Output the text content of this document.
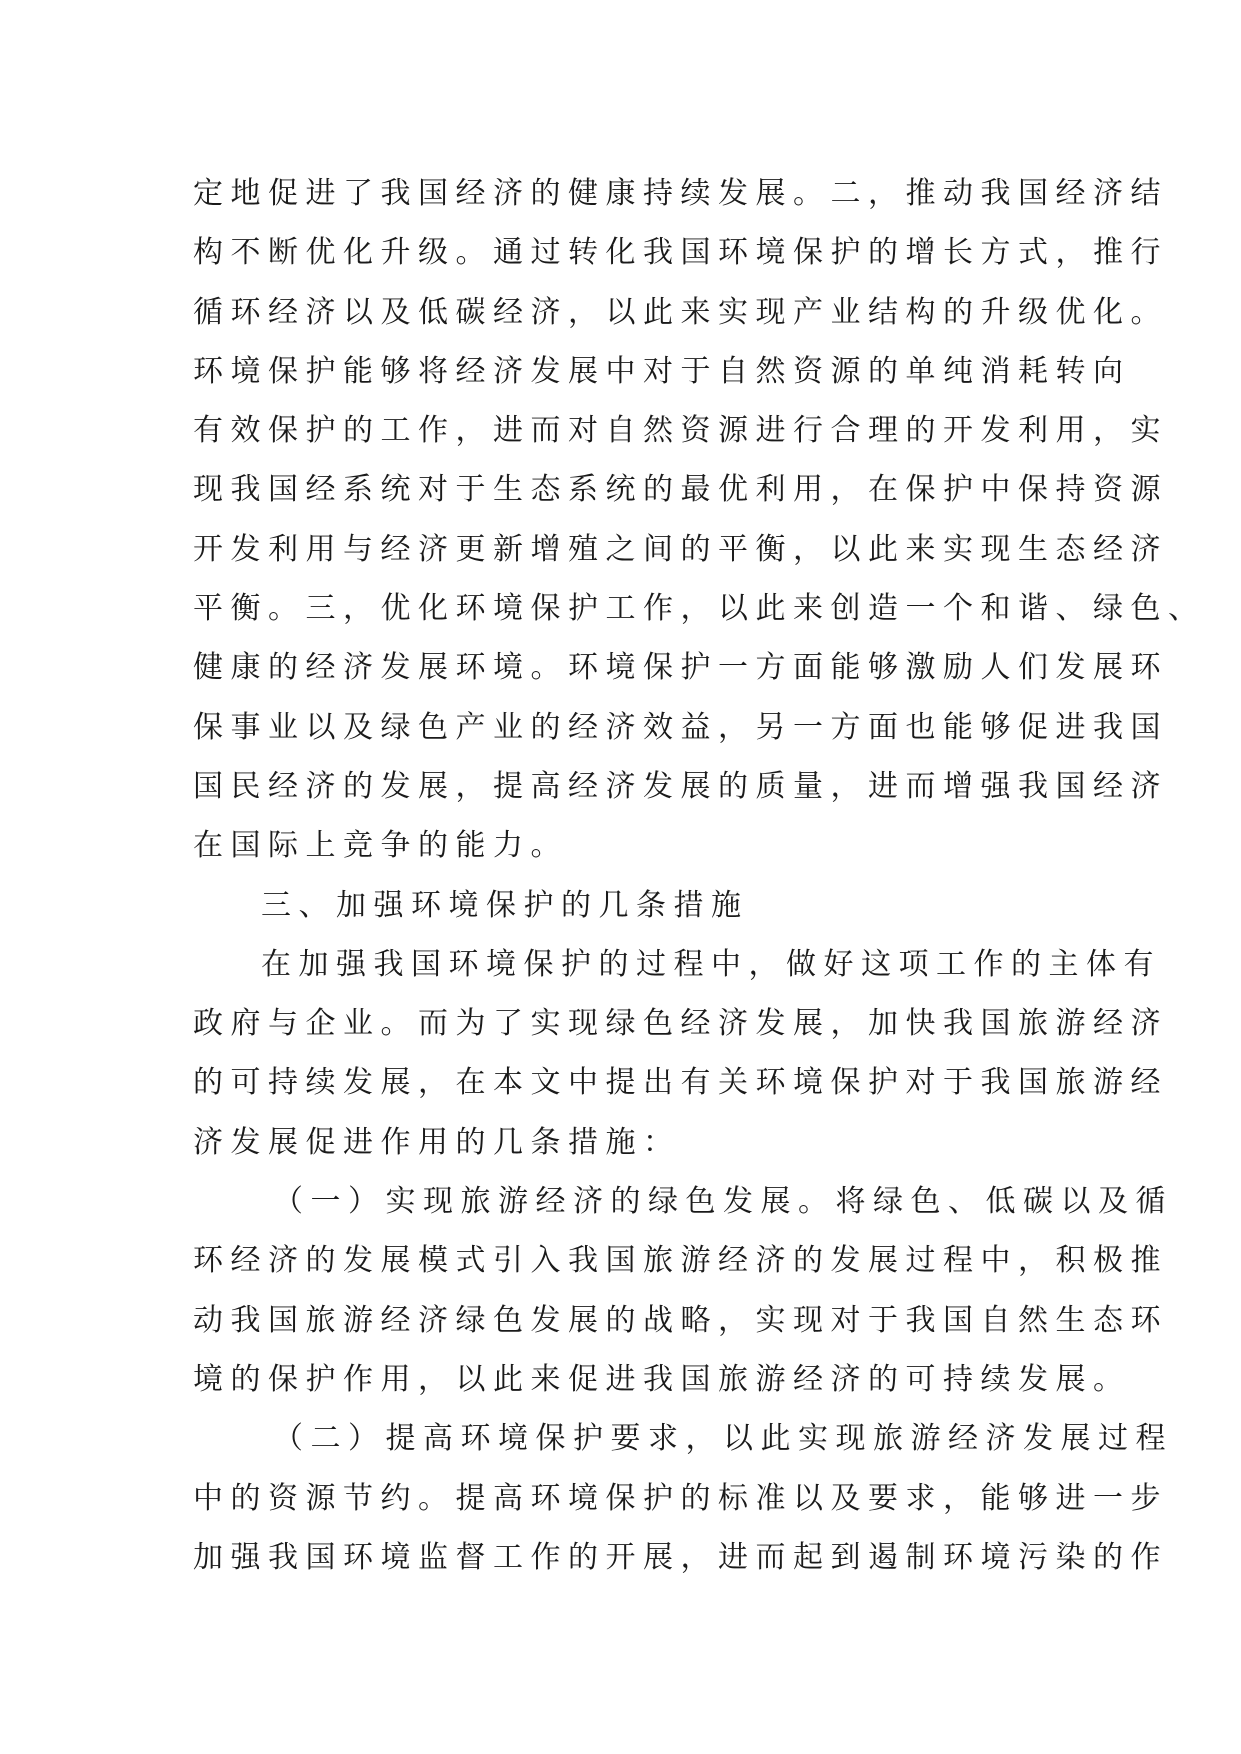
定地促进了我国经济的健康持续发展。二，推动我国经济结
构不断优化升级。通过转化我国环境保护的增长方式，推行
循环经济以及低碳经济，以此来实现产业结构的升级优化。
环境保护能够将经济发展中对于自然资源的单纯消耗转向
有效保护的工作，进而对自然资源进行合理的开发利用，实
现我国经系统对于生态系统的最优利用，在保护中保持资源
开发利用与经济更新增殖之间的平衡，以此来实现生态经济
平衡。三，优化环境保护工作，以此来创造一个和谐、绿色、
健康的经济发展环境。环境保护一方面能够激励人们发展环
保事业以及绿色产业的经济效益，另一方面也能够促进我国
国民经济的发展，提高经济发展的质量，进而增强我国经济
在国际上竞争的能力。
三、加强环境保护的几条措施
在加强我国环境保护的过程中，做好这项工作的主体有
政府与企业。而为了实现绿色经济发展，加快我国旅游经济
的可持续发展，在本文中提出有关环境保护对于我国旅游经
济发展促进作用的几条措施：
（一）实现旅游经济的绿色发展。将绿色、低碳以及循
环经济的发展模式引入我国旅游经济的发展过程中，积极推
动我国旅游经济绿色发展的战略，实现对于我国自然生态环
境的保护作用，以此来促进我国旅游经济的可持续发展。
（二）提高环境保护要求，以此实现旅游经济发展过程
中的资源节约。提高环境保护的标准以及要求，能够进一步
加强我国环境监督工作的开展，进而起到遏制环境污染的作
